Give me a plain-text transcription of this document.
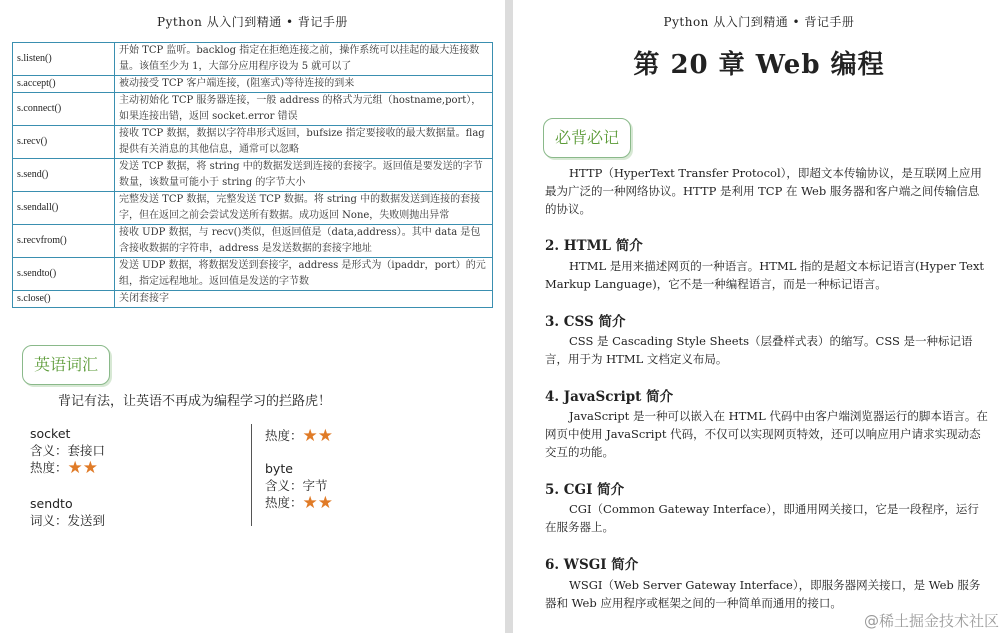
Python 从入门到精通 • 背记手册
s.listen()	开始 TCP 监听。backlog 指定在拒绝连接之前，操作系统可以挂起的最大连接数量。该值至少为 1，大部分应用程序设为 5 就可以了
s.accept()	被动接受 TCP 客户端连接，(阻塞式)等待连接的到来
s.connect()	主动初始化 TCP 服务器连接，一般 address 的格式为元组（hostname,port），如果连接出错，返回 socket.error 错误
s.recv()	接收 TCP 数据，数据以字符串形式返回，bufsize 指定要接收的最大数据量。flag 提供有关消息的其他信息，通常可以忽略
s.send()	发送 TCP 数据，将 string 中的数据发送到连接的套接字。返回值是要发送的字节数量，该数量可能小于 string 的字节大小
s.sendall()	完整发送 TCP 数据，完整发送 TCP 数据。将 string 中的数据发送到连接的套接字，但在返回之前会尝试发送所有数据。成功返回 None，失败则抛出异常
s.recvfrom()	接收 UDP 数据，与 recv()类似，但返回值是（data,address）。其中 data 是包含接收数据的字符串，address 是发送数据的套接字地址
s.sendto()	发送 UDP 数据，将数据发送到套接字，address 是形式为（ipaddr，port）的元组，指定远程地址。返回值是发送的字节数
s.close()	关闭套接字
英语词汇
背记有法，让英语不再成为编程学习的拦路虎！
socket
含义：套接口
热度：★★
sendto
词义：发送到
热度：★★
byte
含义：字节
热度：★★
Python 从入门到精通 • 背记手册
第 20 章 Web 编程
必背必记
HTTP（HyperText Transfer Protocol），即超文本传输协议，是互联网上应用最为广泛的一种网络协议。HTTP 是利用 TCP 在 Web 服务器和客户端之间传输信息的协议。
2. HTML 简介
HTML 是用来描述网页的一种语言。HTML 指的是超文本标记语言(Hyper Text Markup Language)，它不是一种编程语言，而是一种标记语言。
3. CSS 简介
CSS 是 Cascading Style Sheets（层叠样式表）的缩写。CSS 是一种标记语言，用于为 HTML 文档定义布局。
4. JavaScript 简介
JavaScript 是一种可以嵌入在 HTML 代码中由客户端浏览器运行的脚本语言。在网页中使用 JavaScript 代码，不仅可以实现网页特效，还可以响应用户请求实现动态交互的功能。
5. CGI 简介
CGI（Common Gateway Interface），即通用网关接口，它是一段程序，运行在服务器上。
6. WSGI 简介
WSGI（Web Server Gateway Interface），即服务器网关接口，是 Web 服务器和 Web 应用程序或框架之间的一种简单而通用的接口。
@稀土掘金技术社区
